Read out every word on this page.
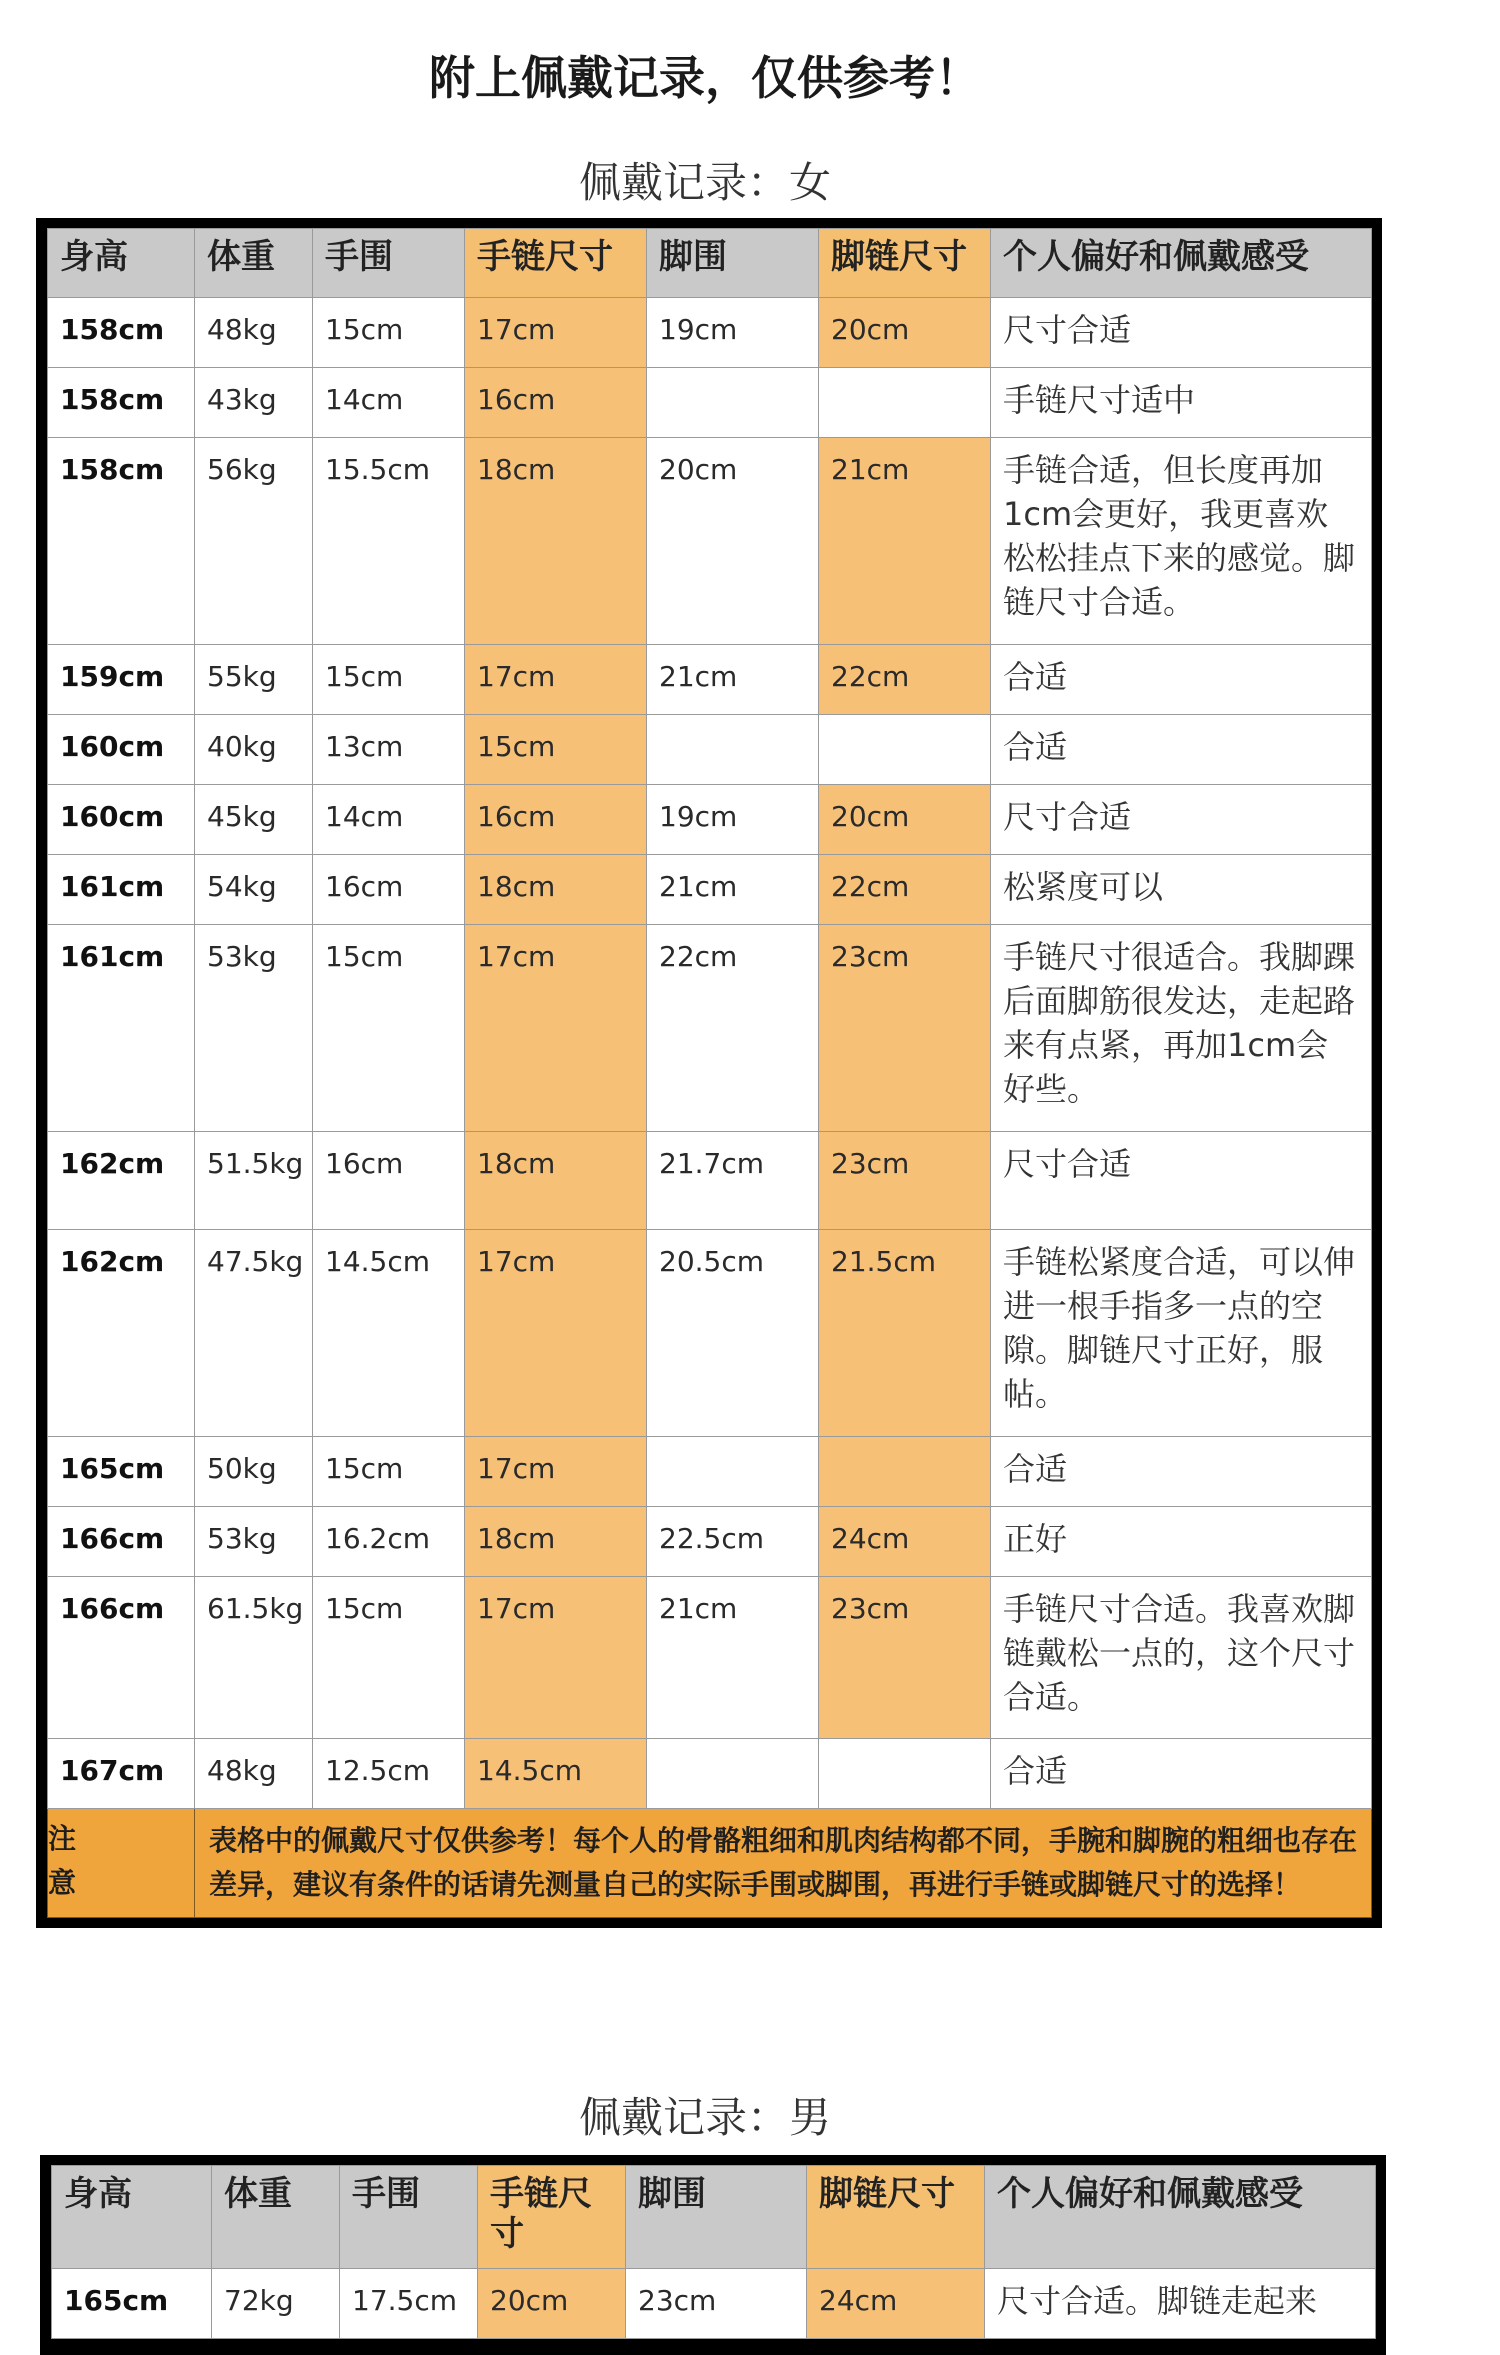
附上佩戴记录，仅供参考！
佩戴记录：女
身高	体重	手围	手链尺寸	脚围	脚链尺寸	个人偏好和佩戴感受
158cm	48kg	15cm	17cm	19cm	20cm	尺寸合适
158cm	43kg	14cm	16cm			手链尺寸适中
158cm	56kg	15.5cm	18cm	20cm	21cm	手链合适，但长度再加1cm会更好，我更喜欢松松挂点下来的感觉。脚链尺寸合适。
159cm	55kg	15cm	17cm	21cm	22cm	合适
160cm	40kg	13cm	15cm			合适
160cm	45kg	14cm	16cm	19cm	20cm	尺寸合适
161cm	54kg	16cm	18cm	21cm	22cm	松紧度可以
161cm	53kg	15cm	17cm	22cm	23cm	手链尺寸很适合。我脚踝后面脚筋很发达，走起路来有点紧，再加1cm会好些。
162cm	51.5kg	16cm	18cm	21.7cm	23cm	尺寸合适
162cm	47.5kg	14.5cm	17cm	20.5cm	21.5cm	手链松紧度合适，可以伸进一根手指多一点的空隙。脚链尺寸正好，服帖。
165cm	50kg	15cm	17cm			合适
166cm	53kg	16.2cm	18cm	22.5cm	24cm	正好
166cm	61.5kg	15cm	17cm	21cm	23cm	手链尺寸合适。我喜欢脚链戴松一点的，这个尺寸合适。
167cm	48kg	12.5cm	14.5cm			合适
注意	表格中的佩戴尺寸仅供参考！每个人的骨骼粗细和肌肉结构都不同，手腕和脚腕的粗细也存在差异，建议有条件的话请先测量自己的实际手围或脚围，再进行手链或脚链尺寸的选择！					
佩戴记录：男
身高	体重	手围	手链尺寸	脚围	脚链尺寸	个人偏好和佩戴感受
165cm	72kg	17.5cm	20cm	23cm	24cm	尺寸合适。脚链走起来
